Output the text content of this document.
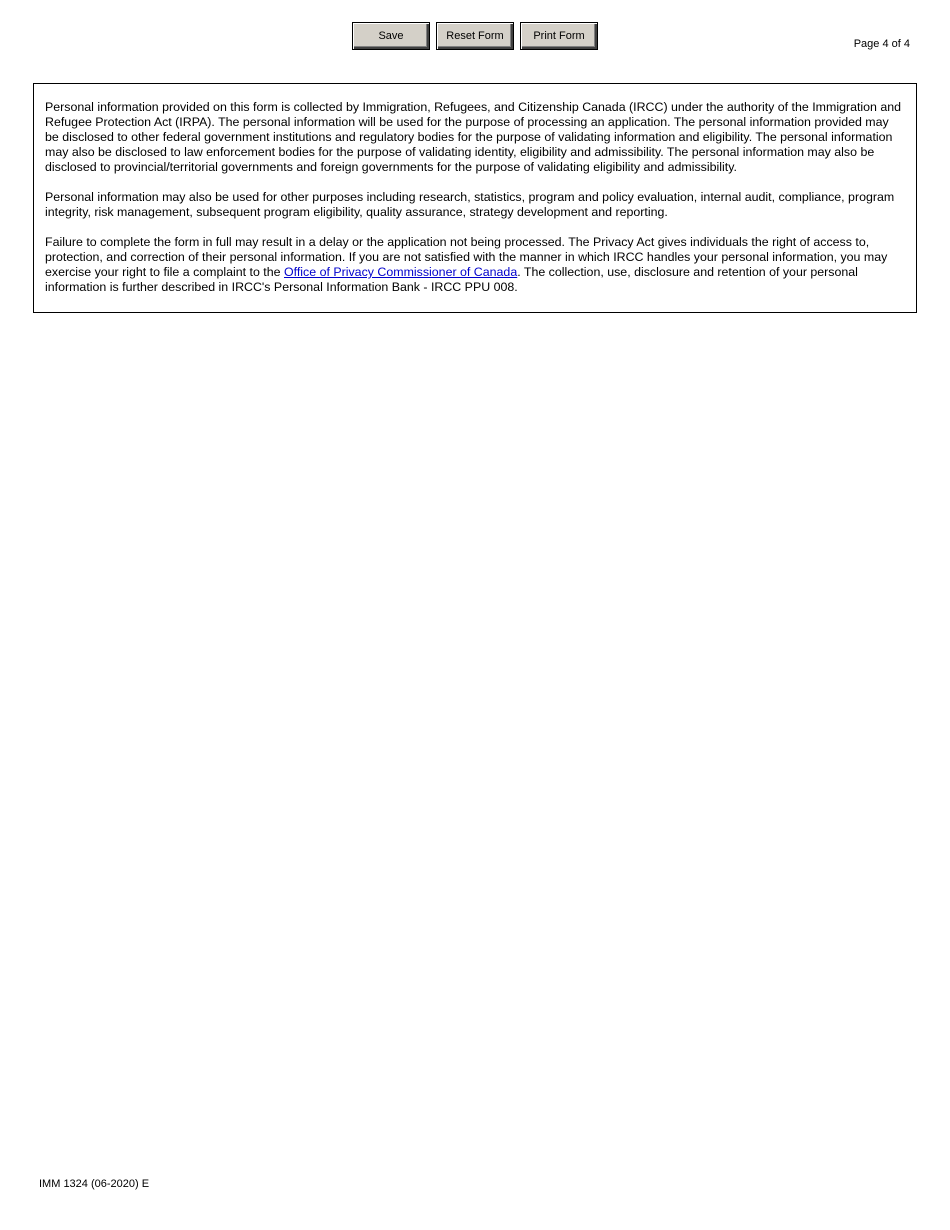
Save	Reset Form	Print Form
Page 4 of 4

Personal information provided on this form is collected by Immigration, Refugees, and Citizenship Canada (IRCC) under the authority of the Immigration and Refugee Protection Act (IRPA). The personal information will be used for the purpose of processing an application. The personal information provided may be disclosed to other federal government institutions and regulatory bodies for the purpose of validating information and eligibility. The personal information may also be disclosed to law enforcement bodies for the purpose of validating identity, eligibility and admissibility. The personal information may also be disclosed to provincial/territorial governments and foreign governments for the purpose of validating eligibility and admissibility.

Personal information may also be used for other purposes including research, statistics, program and policy evaluation, internal audit, compliance, program integrity, risk management, subsequent program eligibility, quality assurance, strategy development and reporting.

Failure to complete the form in full may result in a delay or the application not being processed. The Privacy Act gives individuals the right of access to, protection, and correction of their personal information. If you are not satisfied with the manner in which IRCC handles your personal information, you may exercise your right to file a complaint to the Office of Privacy Commissioner of Canada. The collection, use, disclosure and retention of your personal information is further described in IRCC's Personal Information Bank - IRCC PPU 008.

IMM 1324 (06-2020) E
